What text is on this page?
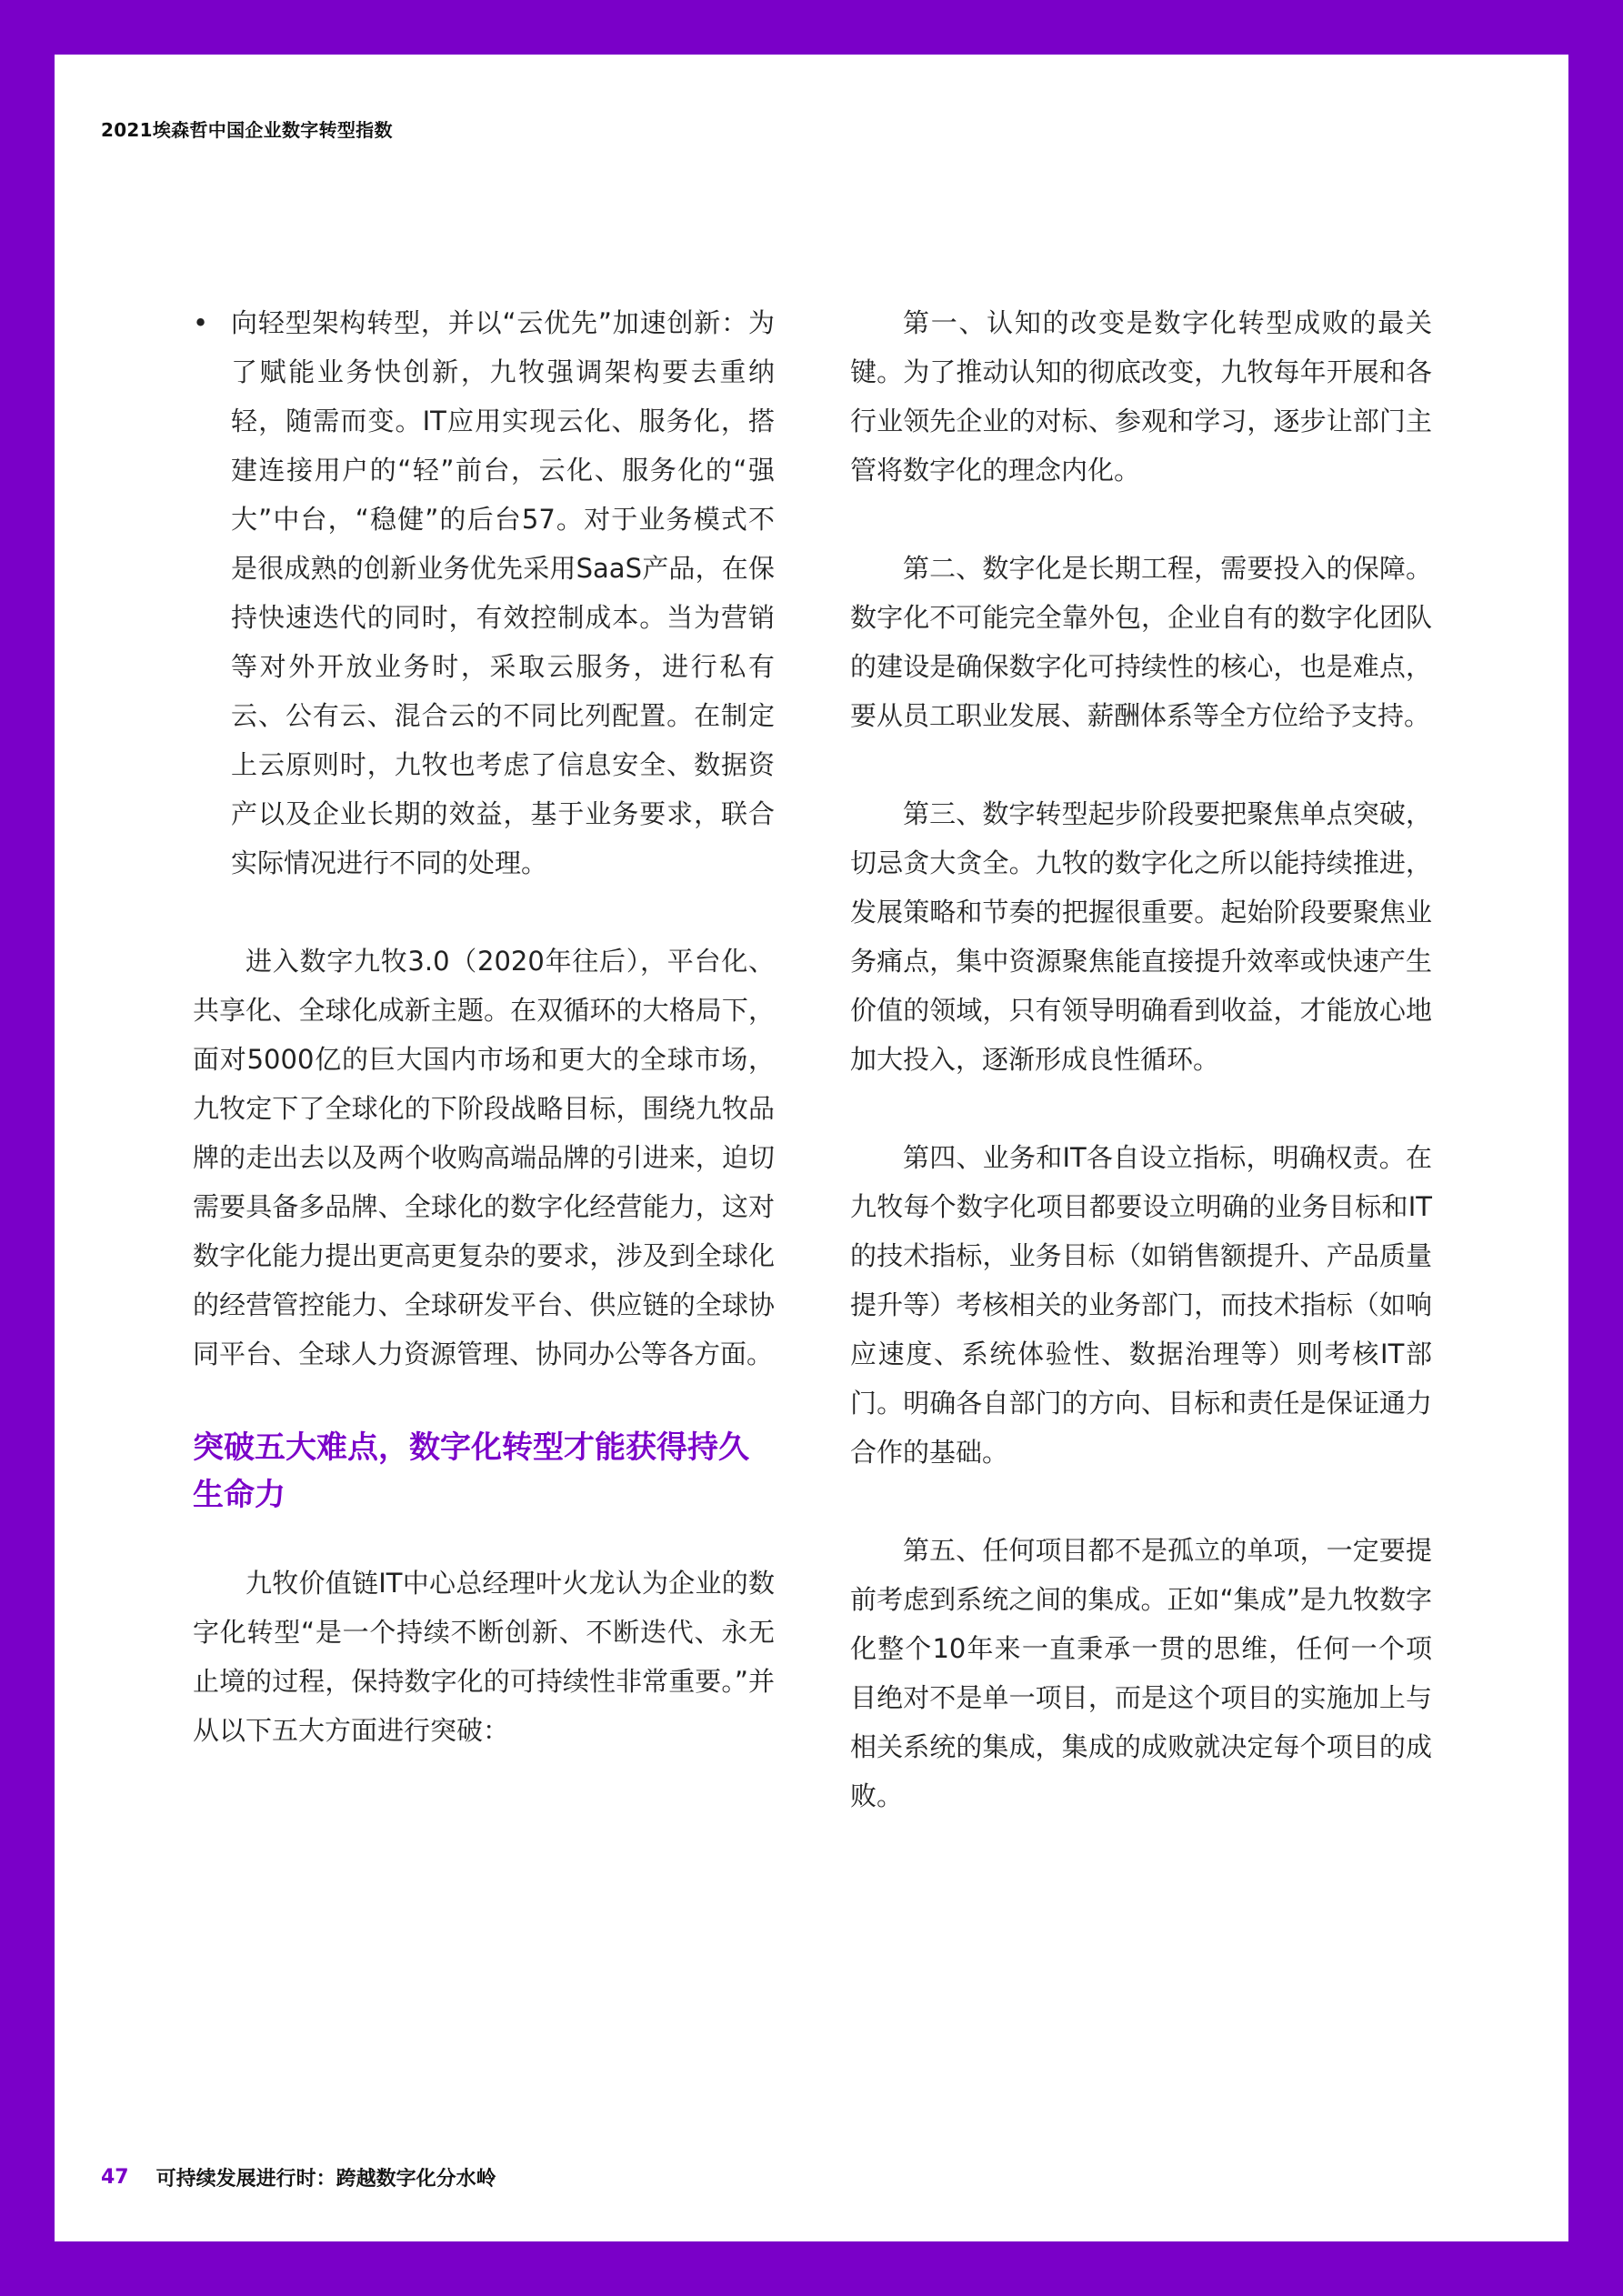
2021埃森哲中国企业数字转型指数
• 向轻型架构转型，并以“云优先”加速创新：为了赋能业务快创新，九牧强调架构要去重纳轻，随需而变。IT应用实现云化、服务化，搭建连接用户的“轻”前台，云化、服务化的“强大”中台，“稳健”的后台57。对于业务模式不是很成熟的创新业务优先采用SaaS产品，在保持快速迭代的同时，有效控制成本。当为营销等对外开放业务时，采取云服务，进行私有云、公有云、混合云的不同比列配置。在制定上云原则时，九牧也考虑了信息安全、数据资产以及企业长期的效益，基于业务要求，联合实际情况进行不同的处理。

进入数字九牧3.0（2020年往后），平台化、共享化、全球化成新主题。在双循环的大格局下，面对5000亿的巨大国内市场和更大的全球市场，九牧定下了全球化的下阶段战略目标，围绕九牧品牌的走出去以及两个收购高端品牌的引进来，迫切需要具备多品牌、全球化的数字化经营能力，这对数字化能力提出更高更复杂的要求，涉及到全球化的经营管控能力、全球研发平台、供应链的全球协同平台、全球人力资源管理、协同办公等各方面。

突破五大难点，数字化转型才能获得持久生命力

九牧价值链IT中心总经理叶火龙认为企业的数字化转型“是一个持续不断创新、不断迭代、永无止境的过程，保持数字化的可持续性非常重要。”并从以下五大方面进行突破：

第一、认知的改变是数字化转型成败的最关键。为了推动认知的彻底改变，九牧每年开展和各行业领先企业的对标、参观和学习，逐步让部门主管将数字化的理念内化。

第二、数字化是长期工程，需要投入的保障。数字化不可能完全靠外包，企业自有的数字化团队的建设是确保数字化可持续性的核心，也是难点，要从员工职业发展、薪酬体系等全方位给予支持。

第三、数字转型起步阶段要把聚焦单点突破，切忌贪大贪全。九牧的数字化之所以能持续推进，发展策略和节奏的把握很重要。起始阶段要聚焦业务痛点，集中资源聚焦能直接提升效率或快速产生价值的领域，只有领导明确看到收益，才能放心地加大投入，逐渐形成良性循环。

第四、业务和IT各自设立指标，明确权责。在九牧每个数字化项目都要设立明确的业务目标和IT的技术指标，业务目标（如销售额提升、产品质量提升等）考核相关的业务部门，而技术指标（如响应速度、系统体验性、数据治理等）则考核IT部门。明确各自部门的方向、目标和责任是保证通力合作的基础。

第五、任何项目都不是孤立的单项，一定要提前考虑到系统之间的集成。正如“集成”是九牧数字化整个10年来一直秉承一贯的思维，任何一个项目绝对不是单一项目，而是这个项目的实施加上与相关系统的集成，集成的成败就决定每个项目的成败。

47 可持续发展进行时：跨越数字化分水岭
